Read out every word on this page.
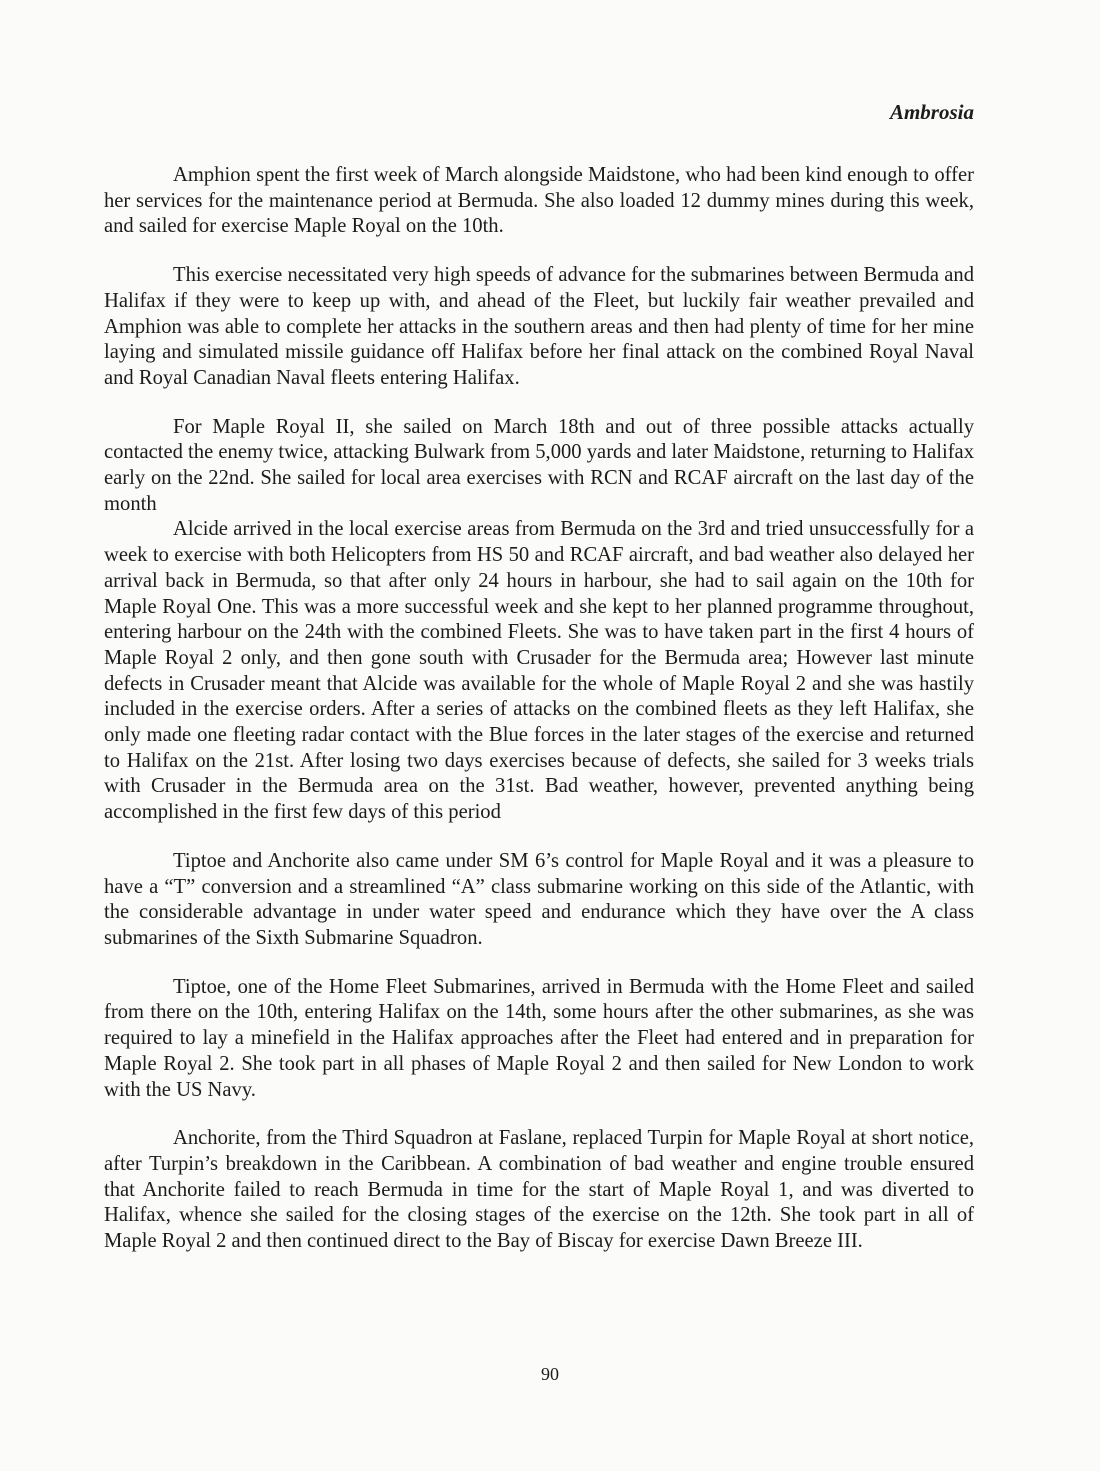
Ambrosia

Amphion spent the first week of March alongside Maidstone, who had been kind enough to offer her services for the maintenance period at Bermuda. She also loaded 12 dummy mines during this week, and sailed for exercise Maple Royal on the 10th.

This exercise necessitated very high speeds of advance for the submarines between Bermuda and Halifax if they were to keep up with, and ahead of the Fleet, but luckily fair weather prevailed and Amphion was able to complete her attacks in the southern areas and then had plenty of time for her mine laying and simulated missile guidance off Halifax before her final attack on the combined Royal Naval and Royal Canadian Naval fleets entering Halifax.

For Maple Royal II, she sailed on March 18th and out of three possible attacks actually contacted the enemy twice, attacking Bulwark from 5,000 yards and later Maidstone, returning to Halifax early on the 22nd. She sailed for local area exercises with RCN and RCAF aircraft on the last day of the month

Alcide arrived in the local exercise areas from Bermuda on the 3rd and tried unsuccessfully for a week to exercise with both Helicopters from HS 50 and RCAF aircraft, and bad weather also delayed her arrival back in Bermuda, so that after only 24 hours in harbour, she had to sail again on the 10th for Maple Royal One. This was a more successful week and she kept to her planned programme throughout, entering harbour on the 24th with the combined Fleets. She was to have taken part in the first 4 hours of Maple Royal 2 only, and then gone south with Crusader for the Bermuda area; However last minute defects in Crusader meant that Alcide was available for the whole of Maple Royal 2 and she was hastily included in the exercise orders. After a series of attacks on the combined fleets as they left Halifax, she only made one fleeting radar contact with the Blue forces in the later stages of the exercise and returned to Halifax on the 21st. After losing two days exercises because of defects, she sailed for 3 weeks trials with Crusader in the Bermuda area on the 31st. Bad weather, however, prevented anything being accomplished in the first few days of this period

Tiptoe and Anchorite also came under SM 6’s control for Maple Royal and it was a pleasure to have a “T” conversion and a streamlined “A” class submarine working on this side of the Atlantic, with the considerable advantage in under water speed and endurance which they have over the A class submarines of the Sixth Submarine Squadron.

Tiptoe, one of the Home Fleet Submarines, arrived in Bermuda with the Home Fleet and sailed from there on the 10th, entering Halifax on the 14th, some hours after the other submarines, as she was required to lay a minefield in the Halifax approaches after the Fleet had entered and in preparation for Maple Royal 2. She took part in all phases of Maple Royal 2 and then sailed for New London to work with the US Navy.

Anchorite, from the Third Squadron at Faslane, replaced Turpin for Maple Royal at short notice, after Turpin’s breakdown in the Caribbean. A combination of bad weather and engine trouble ensured that Anchorite failed to reach Bermuda in time for the start of Maple Royal 1, and was diverted to Halifax, whence she sailed for the closing stages of the exercise on the 12th. She took part in all of Maple Royal 2 and then continued direct to the Bay of Biscay for exercise Dawn Breeze III.

90
